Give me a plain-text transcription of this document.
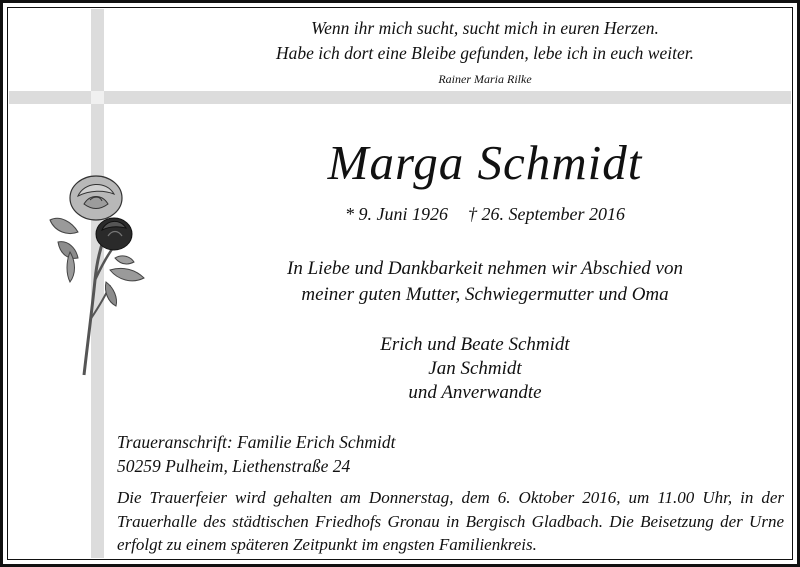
Wenn ihr mich sucht, sucht mich in euren Herzen.
Habe ich dort eine Bleibe gefunden, lebe ich in euch weiter.
Rainer Maria Rilke
Marga Schmidt
* 9. Juni 1926 † 26. September 2016
In Liebe und Dankbarkeit nehmen wir Abschied von
meiner guten Mutter, Schwiegermutter und Oma
Erich und Beate Schmidt
Jan Schmidt
und Anverwandte
Traueranschrift: Familie Erich Schmidt
50259 Pulheim, Liethenstraße 24
Die Trauerfeier wird gehalten am Donnerstag, dem 6. Oktober 2016, um 11.00 Uhr, in der Trauerhalle des städtischen Friedhofs Gronau in Bergisch Gladbach. Die Beisetzung der Urne erfolgt zu einem späteren Zeitpunkt im engsten Familienkreis.
